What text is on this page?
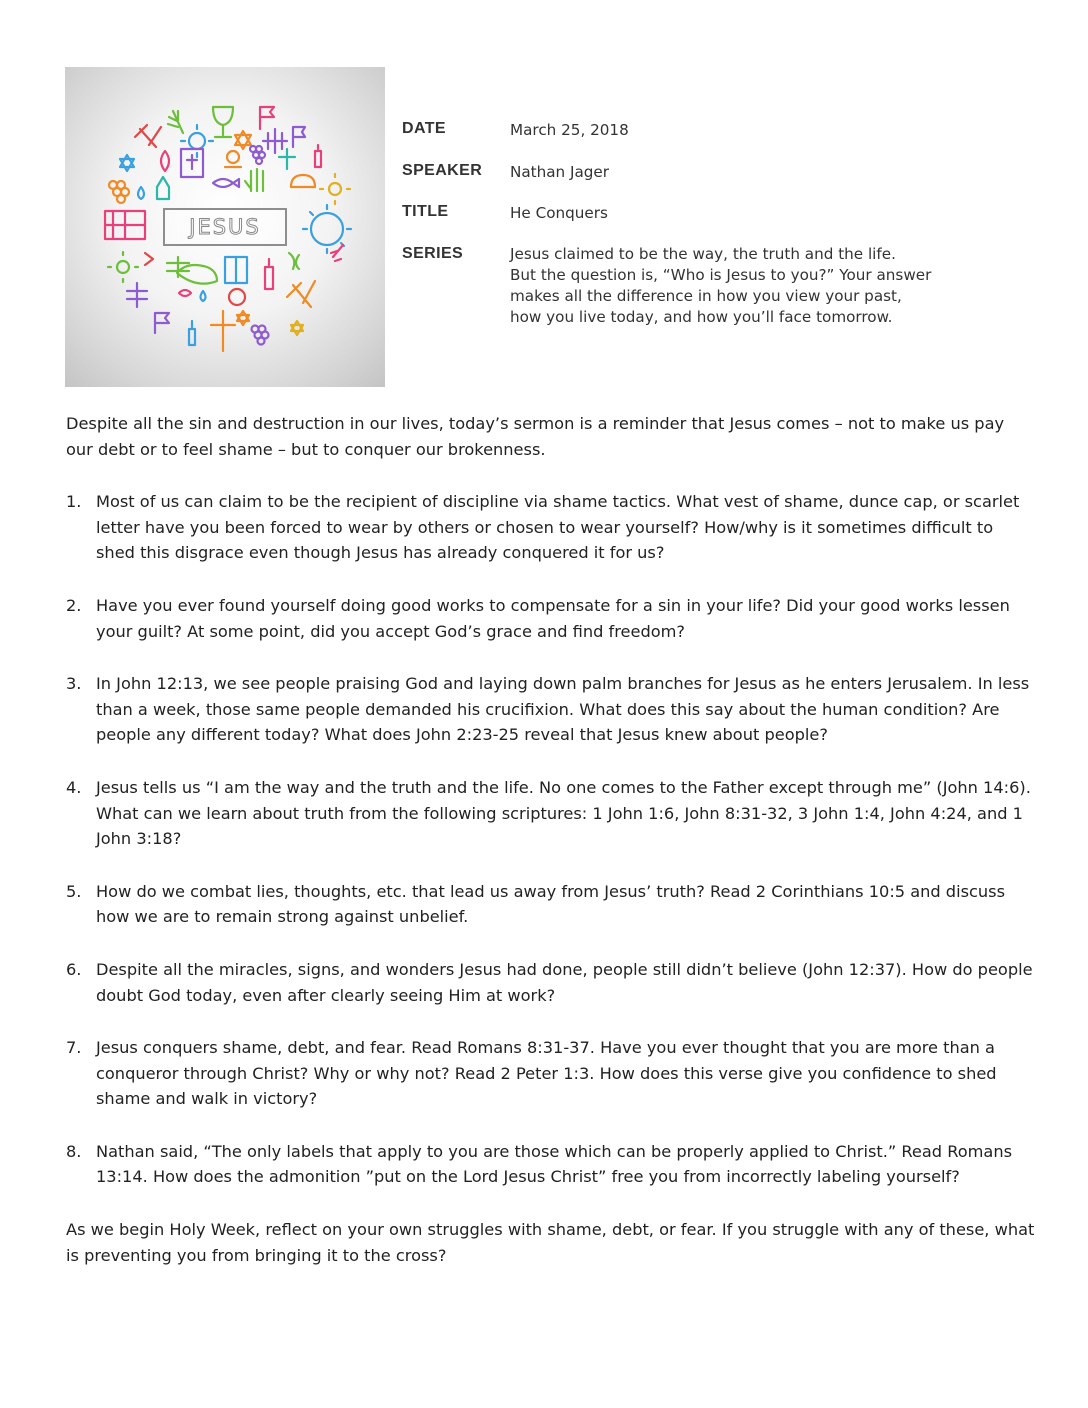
JESUS
DATE	March 25, 2018
SPEAKER Nathan Jager
TITLE	He Conquers
SERIES	Jesus claimed to be the way, the truth and the life.
But the question is, “Who is Jesus to you?” Your answer
makes all the difference in how you view your past,
how you live today, and how you’ll face tomorrow.

Despite all the sin and destruction in our lives, today’s sermon is a reminder that Jesus comes – not to make us pay our debt or to feel shame – but to conquer our brokenness.

1. Most of us can claim to be the recipient of discipline via shame tactics. What vest of shame, dunce cap, or scarlet letter have you been forced to wear by others or chosen to wear yourself? How/why is it sometimes difficult to shed this disgrace even though Jesus has already conquered it for us?
2. Have you ever found yourself doing good works to compensate for a sin in your life? Did your good works lessen your guilt? At some point, did you accept God’s grace and find freedom?
3. In John 12:13, we see people praising God and laying down palm branches for Jesus as he enters Jerusalem. In less than a week, those same people demanded his crucifixion. What does this say about the human condition? Are people any different today? What does John 2:23-25 reveal that Jesus knew about people?
4. Jesus tells us “I am the way and the truth and the life. No one comes to the Father except through me” (John 14:6). What can we learn about truth from the following scriptures: 1 John 1:6, John 8:31-32, 3 John 1:4, John 4:24, and 1 John 3:18?
5. How do we combat lies, thoughts, etc. that lead us away from Jesus’ truth? Read 2 Corinthians 10:5 and discuss how we are to remain strong against unbelief.
6. Despite all the miracles, signs, and wonders Jesus had done, people still didn’t believe (John 12:37). How do people doubt God today, even after clearly seeing Him at work?
7. Jesus conquers shame, debt, and fear. Read Romans 8:31-37. Have you ever thought that you are more than a conqueror through Christ? Why or why not? Read 2 Peter 1:3. How does this verse give you confidence to shed shame and walk in victory?
8. Nathan said, “The only labels that apply to you are those which can be properly applied to Christ.” Read Romans 13:14. How does the admonition ”put on the Lord Jesus Christ” free you from incorrectly labeling yourself?

As we begin Holy Week, reflect on your own struggles with shame, debt, or fear. If you struggle with any of these, what is preventing you from bringing it to the cross?
